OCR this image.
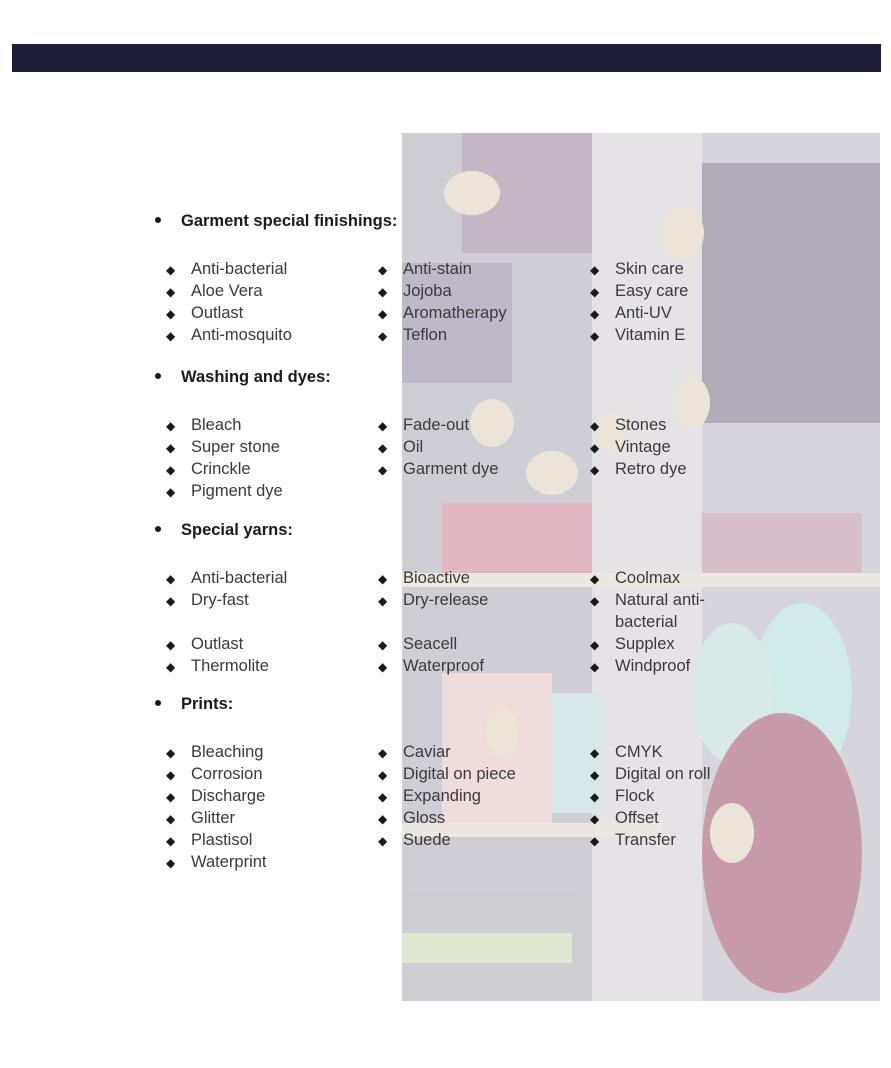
Garment special finishings:
◆ Anti-bacterial	◆ Anti-stain	◆ Skin care
◆ Aloe Vera	◆ Jojoba	◆ Easy care
◆ Outlast	◆ Aromatherapy	◆ Anti-UV
◆ Anti-mosquito	◆ Teflon	◆ Vitamin E
Washing and dyes:
◆ Bleach	◆ Fade-out	◆ Stones
◆ Super stone	◆ Oil	◆ Vintage
◆ Crinckle	◆ Garment dye	◆ Retro dye
◆ Pigment dye
Special yarns:
◆ Anti-bacterial	◆ Bioactive	◆ Coolmax
◆ Dry-fast	◆ Dry-release	◆ Natural anti-bacterial
◆ Outlast	◆ Seacell	◆ Supplex
◆ Thermolite	◆ Waterproof	◆ Windproof
Prints:
◆ Bleaching	◆ Caviar	◆ CMYK
◆ Corrosion	◆ Digital on piece	◆ Digital on roll
◆ Discharge	◆ Expanding	◆ Flock
◆ Glitter	◆ Gloss	◆ Offset
◆ Plastisol	◆ Suede	◆ Transfer
◆ Waterprint
